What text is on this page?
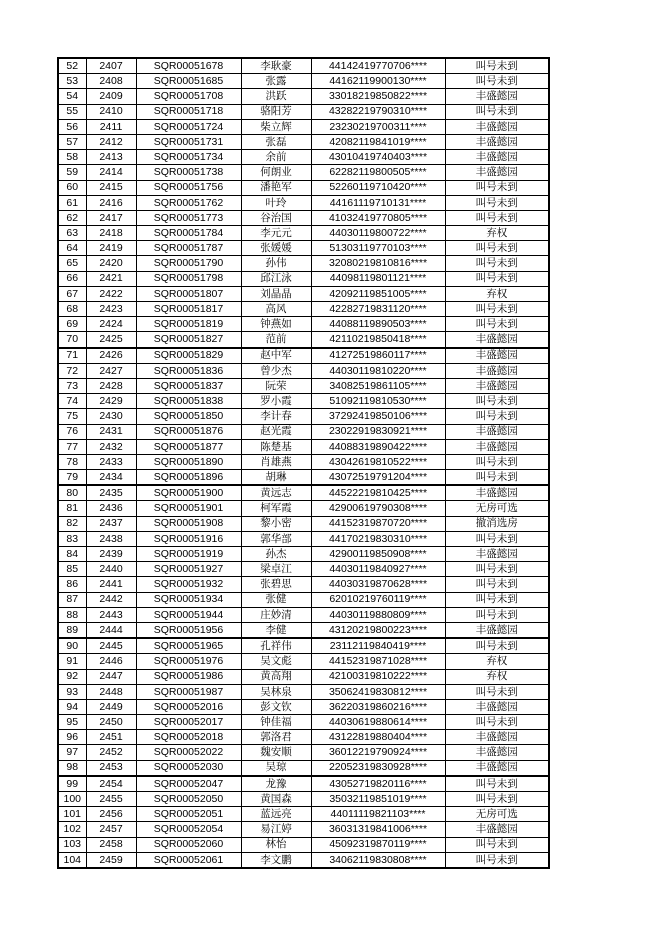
52	2407	SQR00051678	李耿豪	44142419770706****	叫号未到
53	2408	SQR00051685	张露	44162119900130****	叫号未到
54	2409	SQR00051708	洪跃	33018219850822****	丰盛懿园
55	2410	SQR00051718	骆阳芳	43282219790310****	叫号未到
56	2411	SQR00051724	柴立辉	23230219700311****	丰盛懿园
57	2412	SQR00051731	张磊	42082119841019****	丰盛懿园
58	2413	SQR00051734	余前	43010419740403****	丰盛懿园
59	2414	SQR00051738	何朗业	62282119800505****	丰盛懿园
60	2415	SQR00051756	潘艳军	52260119710420****	叫号未到
61	2416	SQR00051762	叶玲	44161119710131****	叫号未到
62	2417	SQR00051773	谷治国	41032419770805****	叫号未到
63	2418	SQR00051784	李元元	44030119800722****	弃权
64	2419	SQR00051787	张媛媛	51303119770103****	叫号未到
65	2420	SQR00051790	孙伟	32080219810816****	叫号未到
66	2421	SQR00051798	邱江泳	44098119801121****	叫号未到
67	2422	SQR00051807	刘晶晶	42092119851005****	弃权
68	2423	SQR00051817	高风	42282719831120****	叫号未到
69	2424	SQR00051819	钟燕如	44088119890503****	叫号未到
70	2425	SQR00051827	范前	42110219850418****	丰盛懿园
71	2426	SQR00051829	赵中军	41272519860117****	丰盛懿园
72	2427	SQR00051836	曾少杰	44030119810220****	丰盛懿园
73	2428	SQR00051837	阮荣	34082519861105****	丰盛懿园
74	2429	SQR00051838	罗小霞	51092119810530****	叫号未到
75	2430	SQR00051850	李计春	37292419850106****	叫号未到
76	2431	SQR00051876	赵光霞	23022919830921****	丰盛懿园
77	2432	SQR00051877	陈楚基	44088319890422****	丰盛懿园
78	2433	SQR00051890	肖雄燕	43042619810522****	叫号未到
79	2434	SQR00051896	胡琳	43072519791204****	叫号未到
80	2435	SQR00051900	黄远志	44522219810425****	丰盛懿园
81	2436	SQR00051901	柯军霞	42900619790308****	无房可选
82	2437	SQR00051908	黎小密	44152319870720****	撤消选房
83	2438	SQR00051916	郭华部	44170219830310****	叫号未到
84	2439	SQR00051919	孙杰	42900119850908****	丰盛懿园
85	2440	SQR00051927	梁卓江	44030119840927****	叫号未到
86	2441	SQR00051932	张碧思	44030319870628****	叫号未到
87	2442	SQR00051934	张健	62010219760119****	叫号未到
88	2443	SQR00051944	庄妙清	44030119880809****	叫号未到
89	2444	SQR00051956	李健	43120219800223****	丰盛懿园
90	2445	SQR00051965	孔祥伟	23112119840419****	叫号未到
91	2446	SQR00051976	吴文彪	44152319871028****	弃权
92	2447	SQR00051986	黄高翔	42100319810222****	弃权
93	2448	SQR00051987	吴林泉	35062419830812****	叫号未到
94	2449	SQR00052016	彭文钦	36220319860216****	丰盛懿园
95	2450	SQR00052017	钟佳福	44030619880614****	叫号未到
96	2451	SQR00052018	郭洛君	43122819880404****	丰盛懿园
97	2452	SQR00052022	魏安顺	36012219790924****	丰盛懿园
98	2453	SQR00052030	吴琼	22052319830928****	丰盛懿园
99	2454	SQR00052047	龙豫	43052719820116****	叫号未到
100	2455	SQR00052050	黄国森	35032119851019****	叫号未到
101	2456	SQR00052051	蓝远亮	44011119821103****	无房可选
102	2457	SQR00052054	易江婷	36031319841006****	丰盛懿园
103	2458	SQR00052060	林怡	45092319870119****	叫号未到
104	2459	SQR00052061	李文鹏	34062119830808****	叫号未到
